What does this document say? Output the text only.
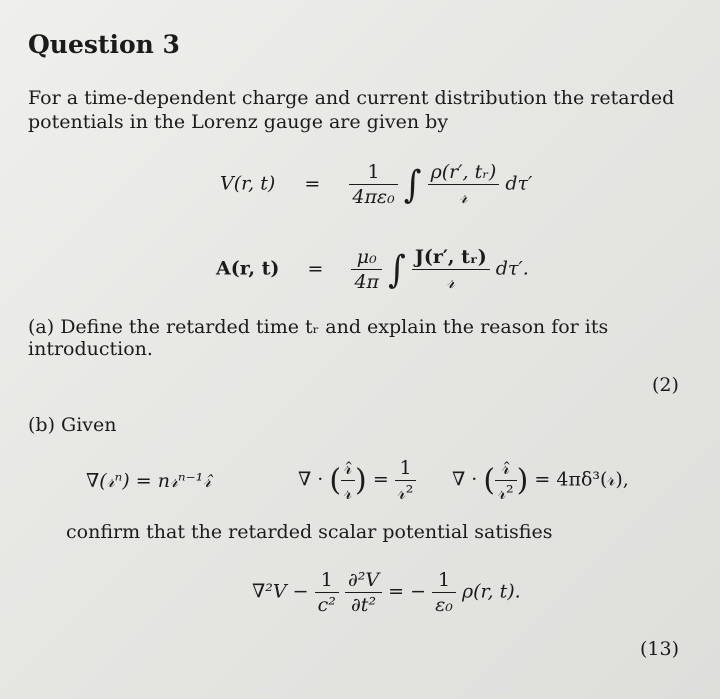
Question 3
For a time-dependent charge and current distribution the retarded potentials in the Lorenz gauge are given by
V(r, $t) = \frac{1}{\text{4πε₀}}$ ∫ $\frac{\text{ρ(r′, tᵣ)}}{\text{𝓇}} d\tau'$
A(r, $t) = \frac{\text{μ₀}}{4\pi}$ ∫ $\frac{\text{J(r′, tᵣ)}}{\text{𝓇}} d\tau'$.
(a) Define the retarded time tᵣ and explain the reason for its introduction.
(2)
(b) Given
∇(𝓇ⁿ) = n𝓇ⁿ⁻¹𝓇̂	∇ · ( $\frac{\text{𝓇̂}}{\text{𝓇}}$ ) = $\frac{1}{\text{𝓇²}}$ ∇ · ( $\frac{\text{𝓇̂}}{\text{𝓇²}}$ ) = 4πδ³(𝓇),
confirm that the retarded scalar potential satisfies
$\nabla^2V - \frac{1}{\text{c²}}$
$\frac{\text{∂²V}}{\text{∂t²}}$ = − $\frac{1}{\text{ε₀}} \rho(r$, t).
(13)
